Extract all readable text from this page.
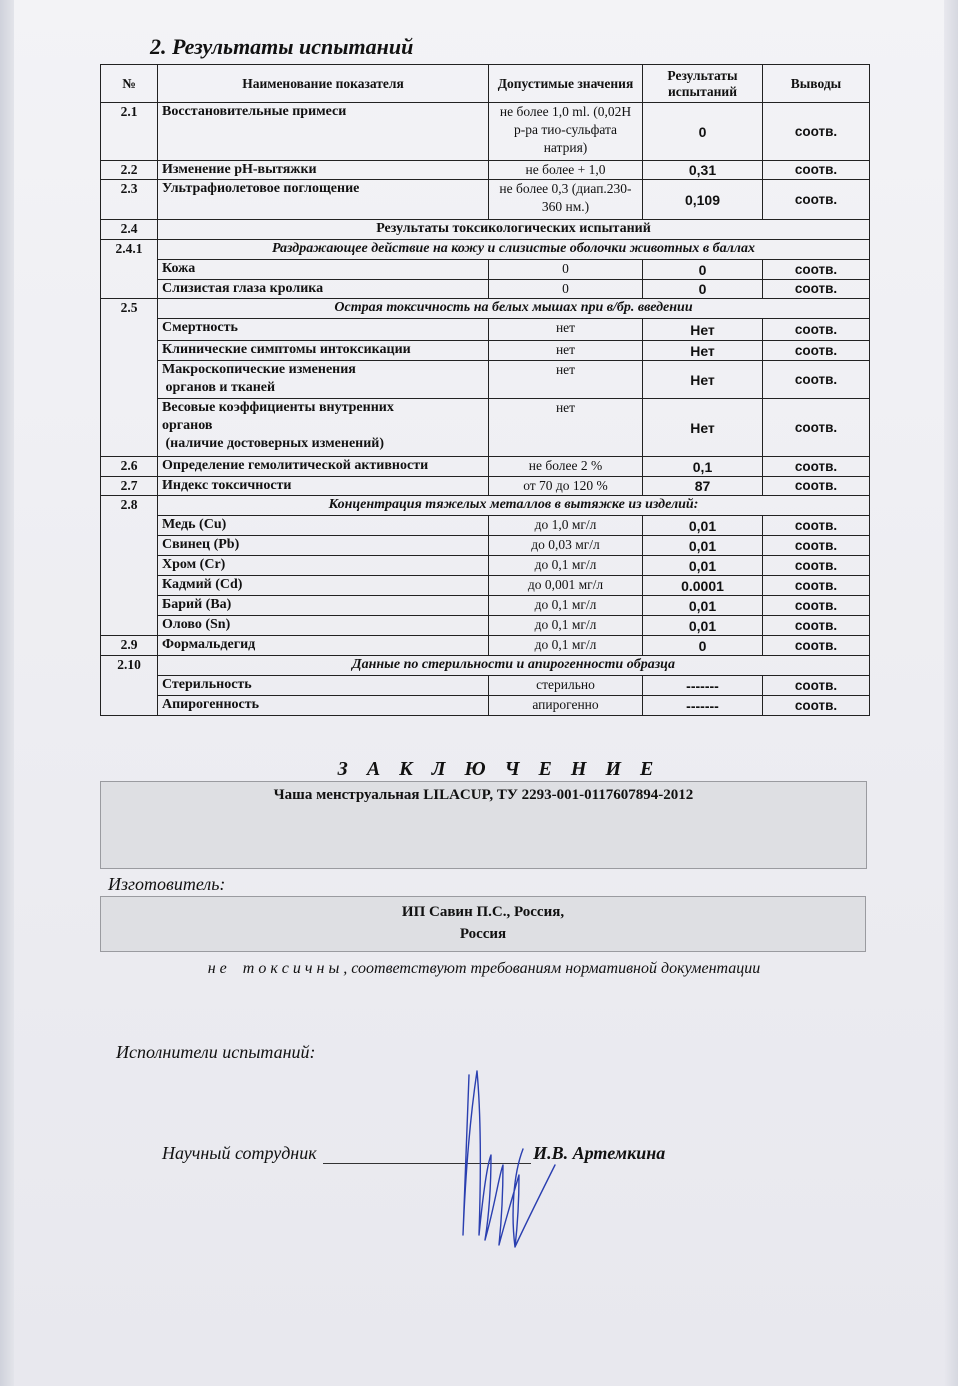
2. Результаты испытаний
№	Наименование показателя	Допустимые значения	Результаты испытаний	Выводы
2.1	Восстановительные примеси	не более 1,0 ml. (0,02Н р-ра тио-сульфата натрия)	0	соотв.
2.2	Изменение рН-вытяжки	не более + 1,0	0,31	соотв.
2.3	Ультрафиолетовое поглощение	не более 0,3 (диап.230-360 нм.)	0,109	соотв.
2.4	Результаты токсикологических испытаний			
2.4.1	Раздражающее действие на кожу и слизистые оболочки животных в баллах			
	Кожа	0	0	соотв.
	Слизистая глаза кролика	0	0	соотв.
2.5	Острая токсичность на белых мышах при в/бр. введении			
	Смертность	нет	Нет	соотв.
	Клинические симптомы интоксикации	нет	Нет	соотв.
	Макроскопические изменения
органов и тканей	нет	Нет	соотв.
	Весовые коэффициенты внутренних
органов
(наличие достоверных изменений)	нет	Нет	соотв.
2.6	Определение гемолитической активности	не более 2 %	0,1	соотв.
2.7	Индекс токсичности	от 70 до 120 %	87	соотв.
2.8	Концентрация тяжелых металлов в вытяжке из изделий:			
	Медь (Cu)	до 1,0 мг/л	0,01	соотв.
	Свинец (Pb)	до 0,03 мг/л	0,01	соотв.
	Хром (Cr)	до 0,1 мг/л	0,01	соотв.
	Кадмий (Cd)	до 0,001 мг/л	0.0001	соотв.
	Барий (Ba)	до 0,1 мг/л	0,01	соотв.
	Олово (Sn)	до 0,1 мг/л	0,01	соотв.
2.9	Формальдегид	до 0,1 мг/л	0	соотв.
2.10	Данные по стерильности и апирогенности образца			
	Стерильность	стерильно	-------	соотв.
	Апирогенность	апирогенно	-------	соотв.
З А К Л Ю Ч Е Н И Е
Чаша менструальная LILACUP, ТУ 2293-001-0117607894-2012
Изготовитель:
ИП Савин П.С., Россия,
Россия
н е    т о к с и ч н ы , соответствуют требованиям нормативной документации
Исполнители испытаний:
Научный сотрудник	И.В. Артемкина
